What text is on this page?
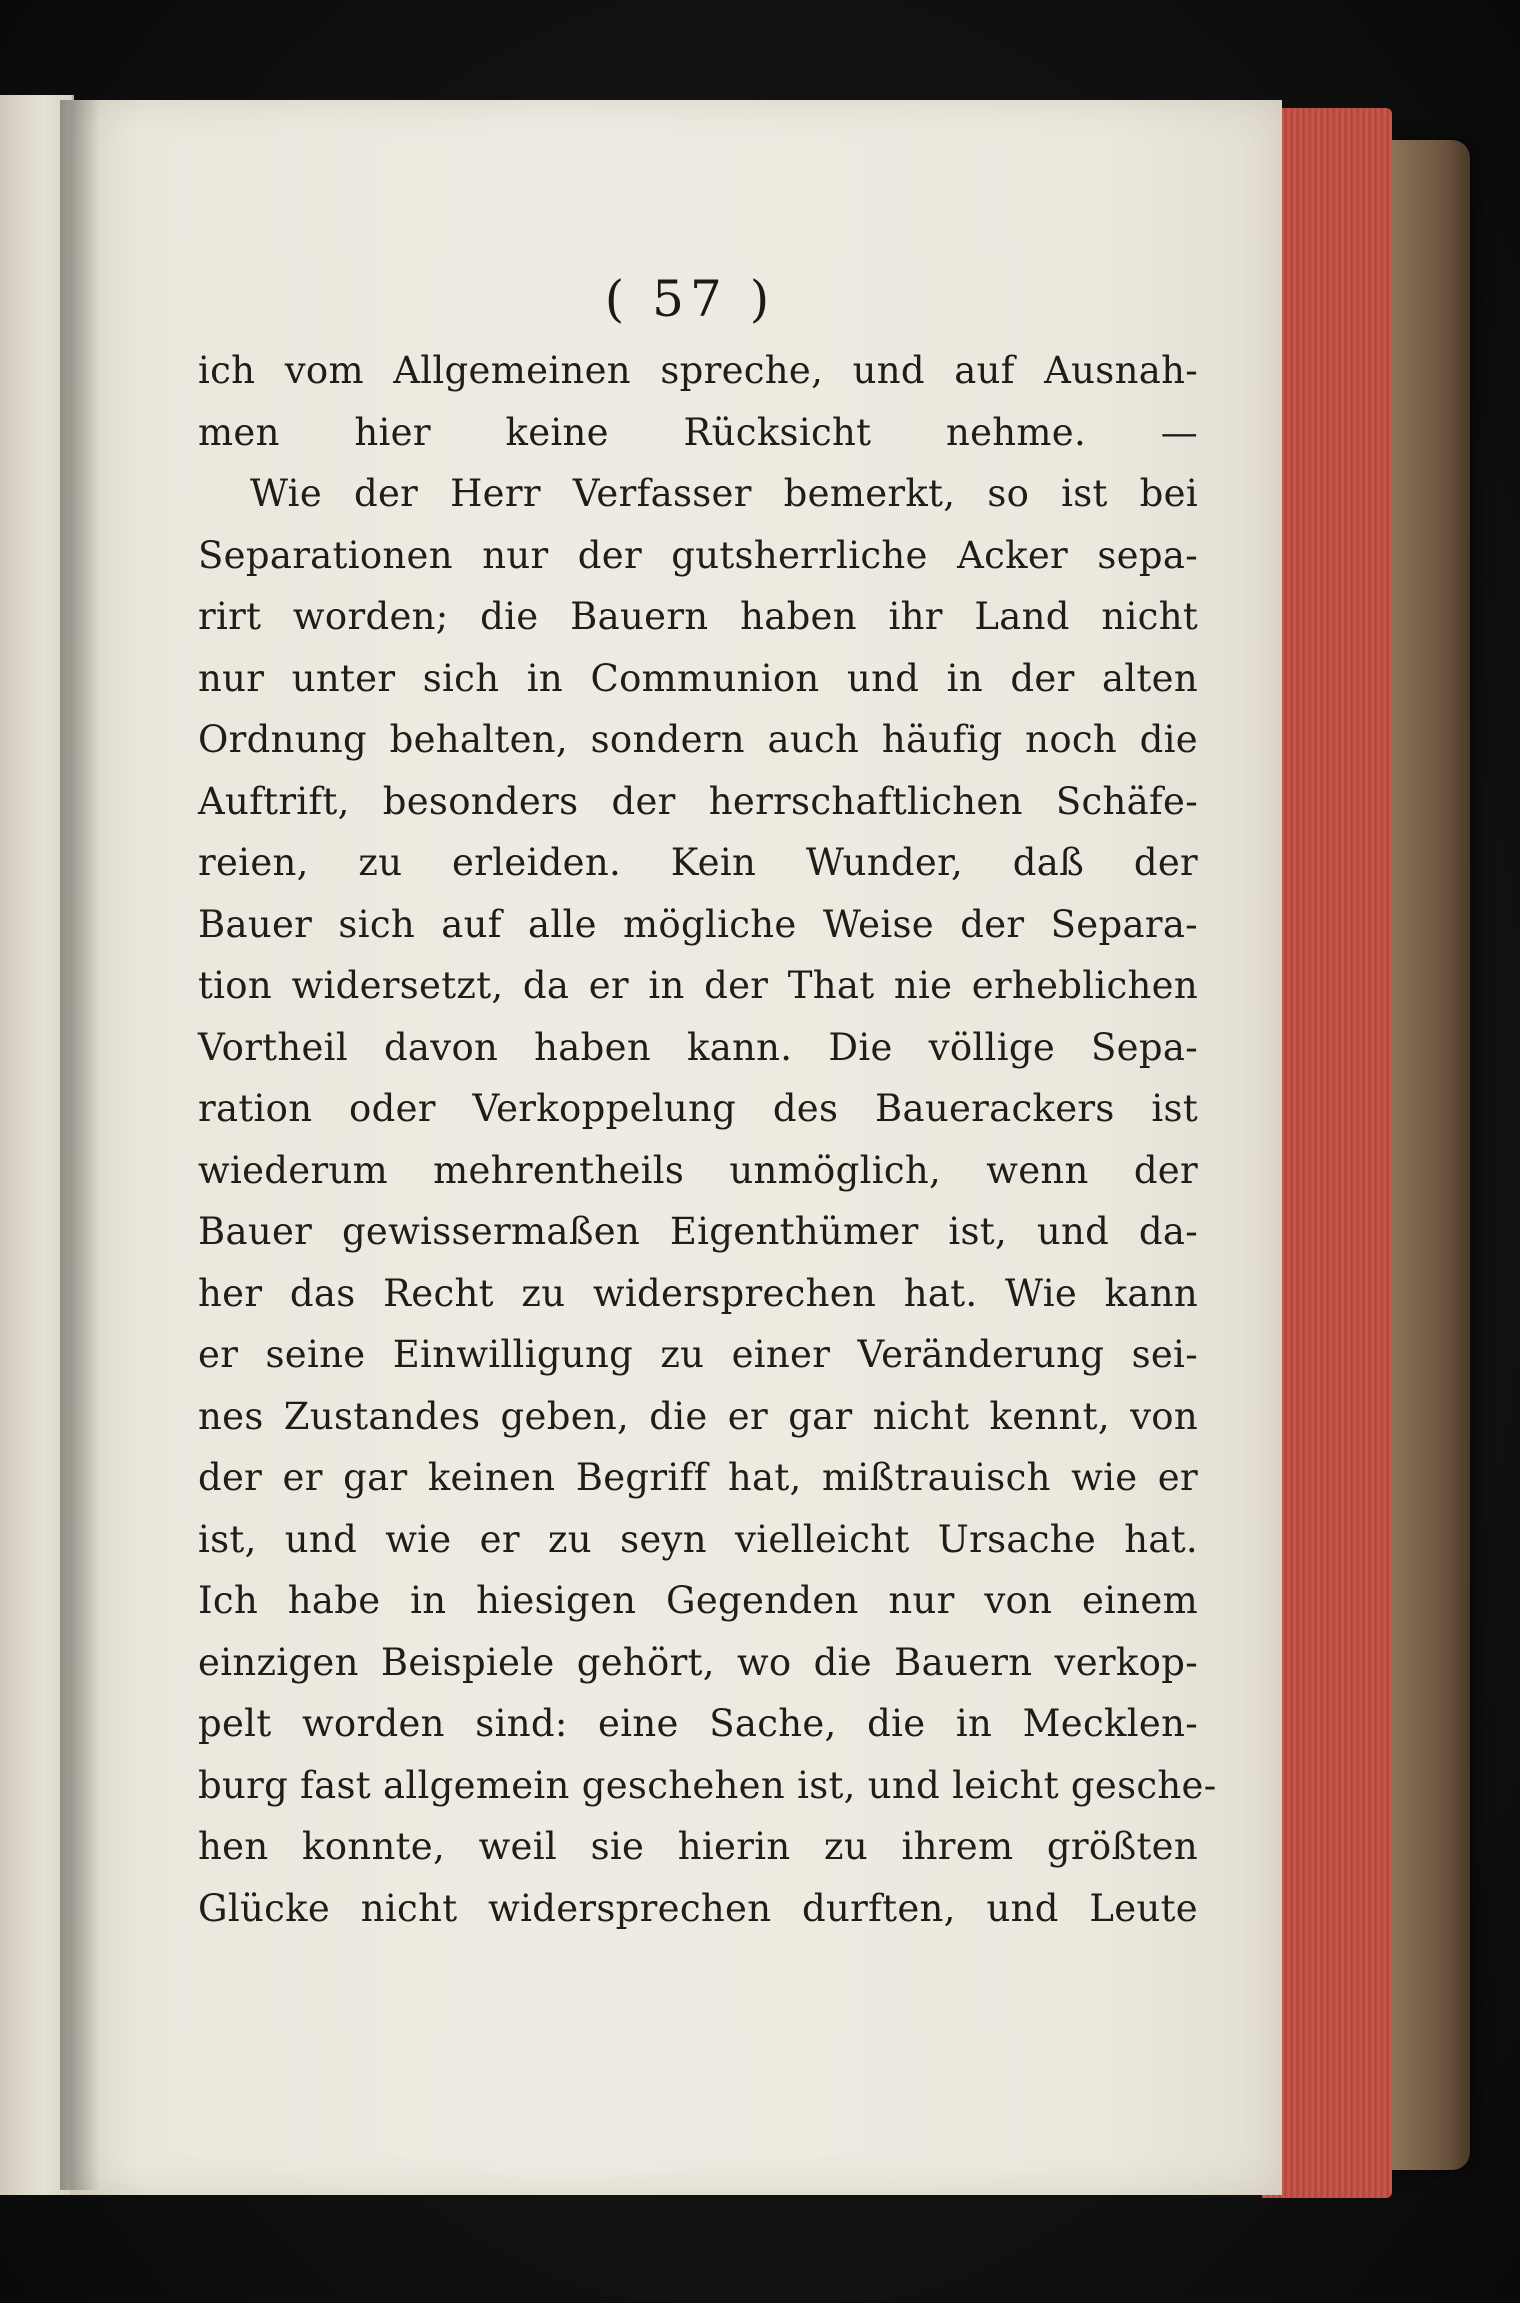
( 57 )
ich vom Allgemeinen spreche, und auf Ausnah-
men hier keine Rücksicht nehme. —
Wie der Herr Verfasser bemerkt, so ist bei
Separationen nur der gutsherrliche Acker sepa-
rirt worden; die Bauern haben ihr Land nicht
nur unter sich in Communion und in der alten
Ordnung behalten, sondern auch häufig noch die
Auftrift, besonders der herrschaftlichen Schäfe-
reien, zu erleiden. Kein Wunder, daß der
Bauer sich auf alle mögliche Weise der Separa-
tion widersetzt, da er in der That nie erheblichen
Vortheil davon haben kann. Die völlige Sepa-
ration oder Verkoppelung des Bauerackers ist
wiederum mehrentheils unmöglich, wenn der
Bauer gewissermaßen Eigenthümer ist, und da-
her das Recht zu widersprechen hat. Wie kann
er seine Einwilligung zu einer Veränderung sei-
nes Zustandes geben, die er gar nicht kennt, von
der er gar keinen Begriff hat, mißtrauisch wie er
ist, und wie er zu seyn vielleicht Ursache hat.
Ich habe in hiesigen Gegenden nur von einem
einzigen Beispiele gehört, wo die Bauern verkop-
pelt worden sind: eine Sache, die in Mecklen-
burg fast allgemein geschehen ist, und leicht gesche-
hen konnte, weil sie hierin zu ihrem größten
Glücke nicht widersprechen durften, und Leute
